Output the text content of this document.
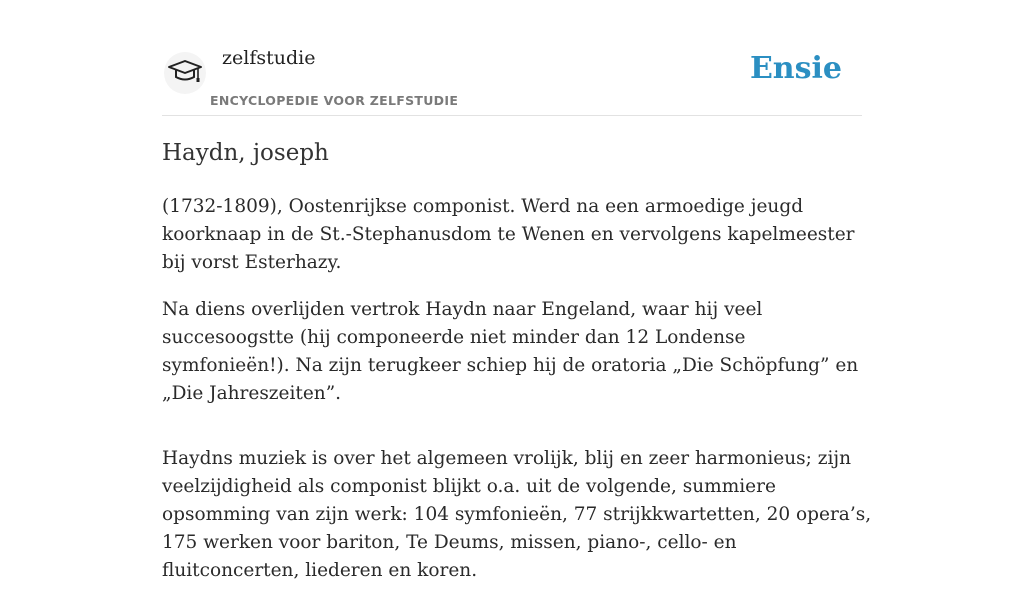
zelfstudie
ENCYCLOPEDIE VOOR ZELFSTUDIE
Ensie
Haydn, joseph

(1732-1809), Oostenrijkse componist. Werd na een armoedige jeugd koorknaap in de St.-Stephanusdom te Wenen en vervolgens kapelmeester bij vorst Esterhazy.

Na diens overlijden vertrok Haydn naar Engeland, waar hij veel succesoogstte (hij componeerde niet minder dan 12 Londense symfonieën!). Na zijn terugkeer schiep hij de oratoria „Die Schöpfung” en „Die Jahreszeiten”.

Haydns muziek is over het algemeen vrolijk, blij en zeer harmonieus; zijn veelzijdigheid als componist blijkt o.a. uit de volgende, summiere opsomming van zijn werk: 104 symfonieën, 77 strijkkwartetten, 20 opera’s, 175 werken voor bariton, Te Deums, missen, piano-, cello- en fluitconcerten, liederen en koren.
